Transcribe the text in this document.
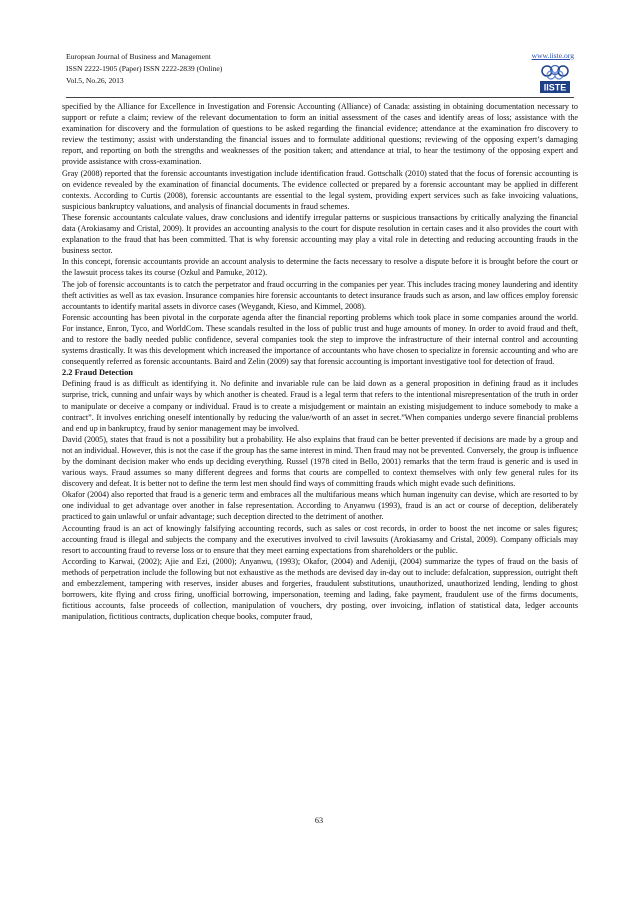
European Journal of Business and Management
ISSN 2222-1905 (Paper) ISSN 2222-2839 (Online)
Vol.5, No.26, 2013
www.iiste.org
IISTE

specified by the Alliance for Excellence in Investigation and Forensic Accounting (Alliance) of Canada: assisting in obtaining documentation necessary to support or refute a claim; review of the relevant documentation to form an initial assessment of the cases and identify areas of loss; assistance with the examination for discovery and the formulation of questions to be asked regarding the financial evidence; attendance at the examination fro discovery to review the testimony; assist with understanding the financial issues and to formulate additional questions; reviewing of the opposing expert’s damaging report, and reporting on both the strengths and weaknesses of the position taken; and attendance at trial, to hear the testimony of the opposing expert and provide assistance with cross-examination.

Gray (2008) reported that the forensic accountants investigation include identification fraud. Gottschalk (2010) stated that the focus of forensic accounting is on evidence revealed by the examination of financial documents. The evidence collected or prepared by a forensic accountant may be applied in different contexts. According to Curtis (2008), forensic accountants are essential to the legal system, providing expert services such as fake invoicing valuations, suspicious bankruptcy valuations, and analysis of financial documents in fraud schemes.

These forensic accountants calculate values, draw conclusions and identify irregular patterns or suspicious transactions by critically analyzing the financial data (Arokiasamy and Cristal, 2009). It provides an accounting analysis to the court for dispute resolution in certain cases and it also provides the court with explanation to the fraud that has been committed. That is why forensic accounting may play a vital role in detecting and reducing accounting frauds in the business sector.

In this concept, forensic accountants provide an account analysis to determine the facts necessary to resolve a dispute before it is brought before the court or the lawsuit process takes its course (Ozkul and Pamuke, 2012).

The job of forensic accountants is to catch the perpetrator and fraud occurring in the companies per year. This includes tracing money laundering and identity theft activities as well as tax evasion. Insurance companies hire forensic accountants to detect insurance frauds such as arson, and law offices employ forensic accountants to identify marital assets in divorce cases (Weygandt, Kieso, and Kimmel, 2008).

Forensic accounting has been pivotal in the corporate agenda after the financial reporting problems which took place in some companies around the world. For instance, Enron, Tyco, and WorldCom. These scandals resulted in the loss of public trust and huge amounts of money. In order to avoid fraud and theft, and to restore the badly needed public confidence, several companies took the step to improve the infrastructure of their internal control and accounting systems drastically. It was this development which increased the importance of accountants who have chosen to specialize in forensic accounting and who are consequently referred as forensic accountants. Baird and Zelin (2009) say that forensic accounting is important investigative tool for detection of fraud.

2.2 Fraud Detection

Defining fraud is as difficult as identifying it. No definite and invariable rule can be laid down as a general proposition in defining fraud as it includes surprise, trick, cunning and unfair ways by which another is cheated. Fraud is a legal term that refers to the intentional misrepresentation of the truth in order to manipulate or deceive a company or individual. Fraud is to create a misjudgement or maintain an existing misjudgement to induce somebody to make a contract”. It involves enriching oneself intentionally by reducing the value/worth of an asset in secret.”When companies undergo severe financial problems and end up in bankruptcy, fraud by senior management may be involved.

David (2005), states that fraud is not a possibility but a probability. He also explains that fraud can be better prevented if decisions are made by a group and not an individual. However, this is not the case if the group has the same interest in mind. Then fraud may not be prevented. Conversely, the group is influence by the dominant decision maker who ends up deciding everything. Russel (1978 cited in Bello, 2001) remarks that the term fraud is generic and is used in various ways. Fraud assumes so many different degrees and forms that courts are compelled to context themselves with only few general rules for its discovery and defeat. It is better not to define the term lest men should find ways of committing frauds which might evade such definitions.

Okafor (2004) also reported that fraud is a generic term and embraces all the multifarious means which human ingenuity can devise, which are resorted to by one individual to get advantage over another in false representation. According to Anyanwu (1993), fraud is an act or course of deception, deliberately practiced to gain unlawful or unfair advantage; such deception directed to the detriment of another.

Accounting fraud is an act of knowingly falsifying accounting records, such as sales or cost records, in order to boost the net income or sales figures; accounting fraud is illegal and subjects the company and the executives involved to civil lawsuits (Arokiasamy and Cristal, 2009). Company officials may resort to accounting fraud to reverse loss or to ensure that they meet earning expectations from shareholders or the public.

According to Karwai, (2002); Ajie and Ezi, (2000); Anyanwu, (1993); Okafor, (2004) and Adeniji, (2004) summarize the types of fraud on the basis of methods of perpetration include the following but not exhaustive as the methods are devised day in-day out to include: defalcation, suppression, outright theft and embezzlement, tampering with reserves, insider abuses and forgeries, fraudulent substitutions, unauthorized, unauthorized lending, lending to ghost borrowers, kite flying and cross firing, unofficial borrowing, impersonation, teeming and lading, fake payment, fraudulent use of the firms documents, fictitious accounts, false proceeds of collection, manipulation of vouchers, dry posting, over invoicing, inflation of statistical data, ledger accounts manipulation, fictitious contracts, duplication cheque books, computer fraud,

63
